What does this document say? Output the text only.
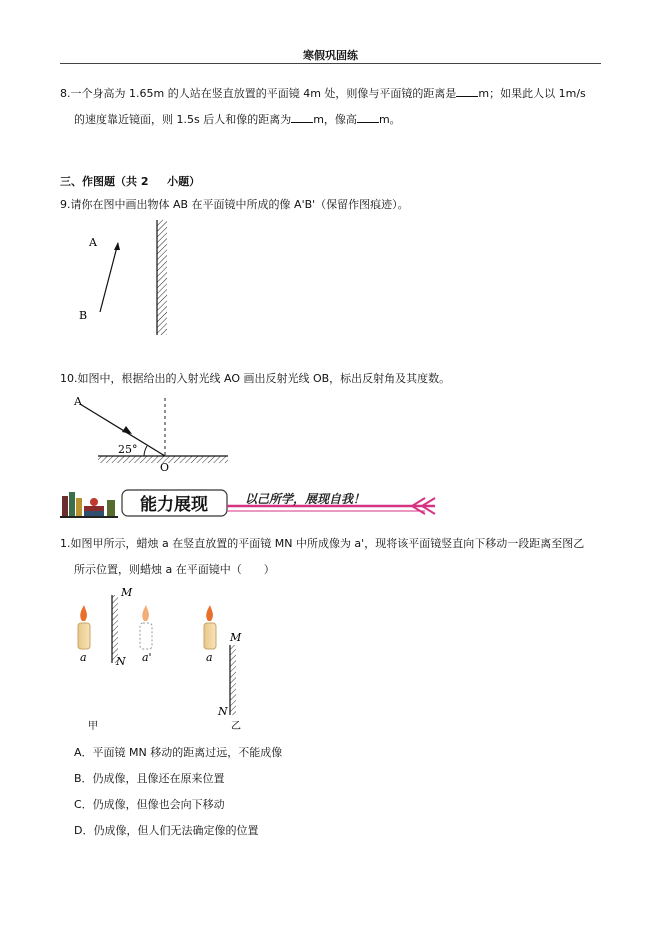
寒假巩固练
8.一个身高为 1.65m 的人站在竖直放置的平面镜 4m 处，则像与平面镜的距离是 m；如果此人以 1m/s
的速度靠近镜面，则 1.5s 后人和像的距离为 m，像高 m。
三、作图题（共 2 　 小题）
9.请你在图中画出物体 AB 在平面镜中所成的像 A'B'（保留作图痕迹）。
A
B
10.如图中，根据给出的入射光线 AO 画出反射光线 OB，标出反射角及其度数。
A
25°
O
能力展现	以己所学，展现自我！
1.如图甲所示，蜡烛 a 在竖直放置的平面镜 MN 中所成像为 a'，现将该平面镜竖直向下移动一段距离至图乙
所示位置，则蜡烛 a 在平面镜中（　　）
a
M
N a'
甲
a
M
N
乙
A．平面镜 MN 移动的距离过远，不能成像
B．仍成像，且像还在原来位置
C．仍成像，但像也会向下移动
D．仍成像，但人们无法确定像的位置
